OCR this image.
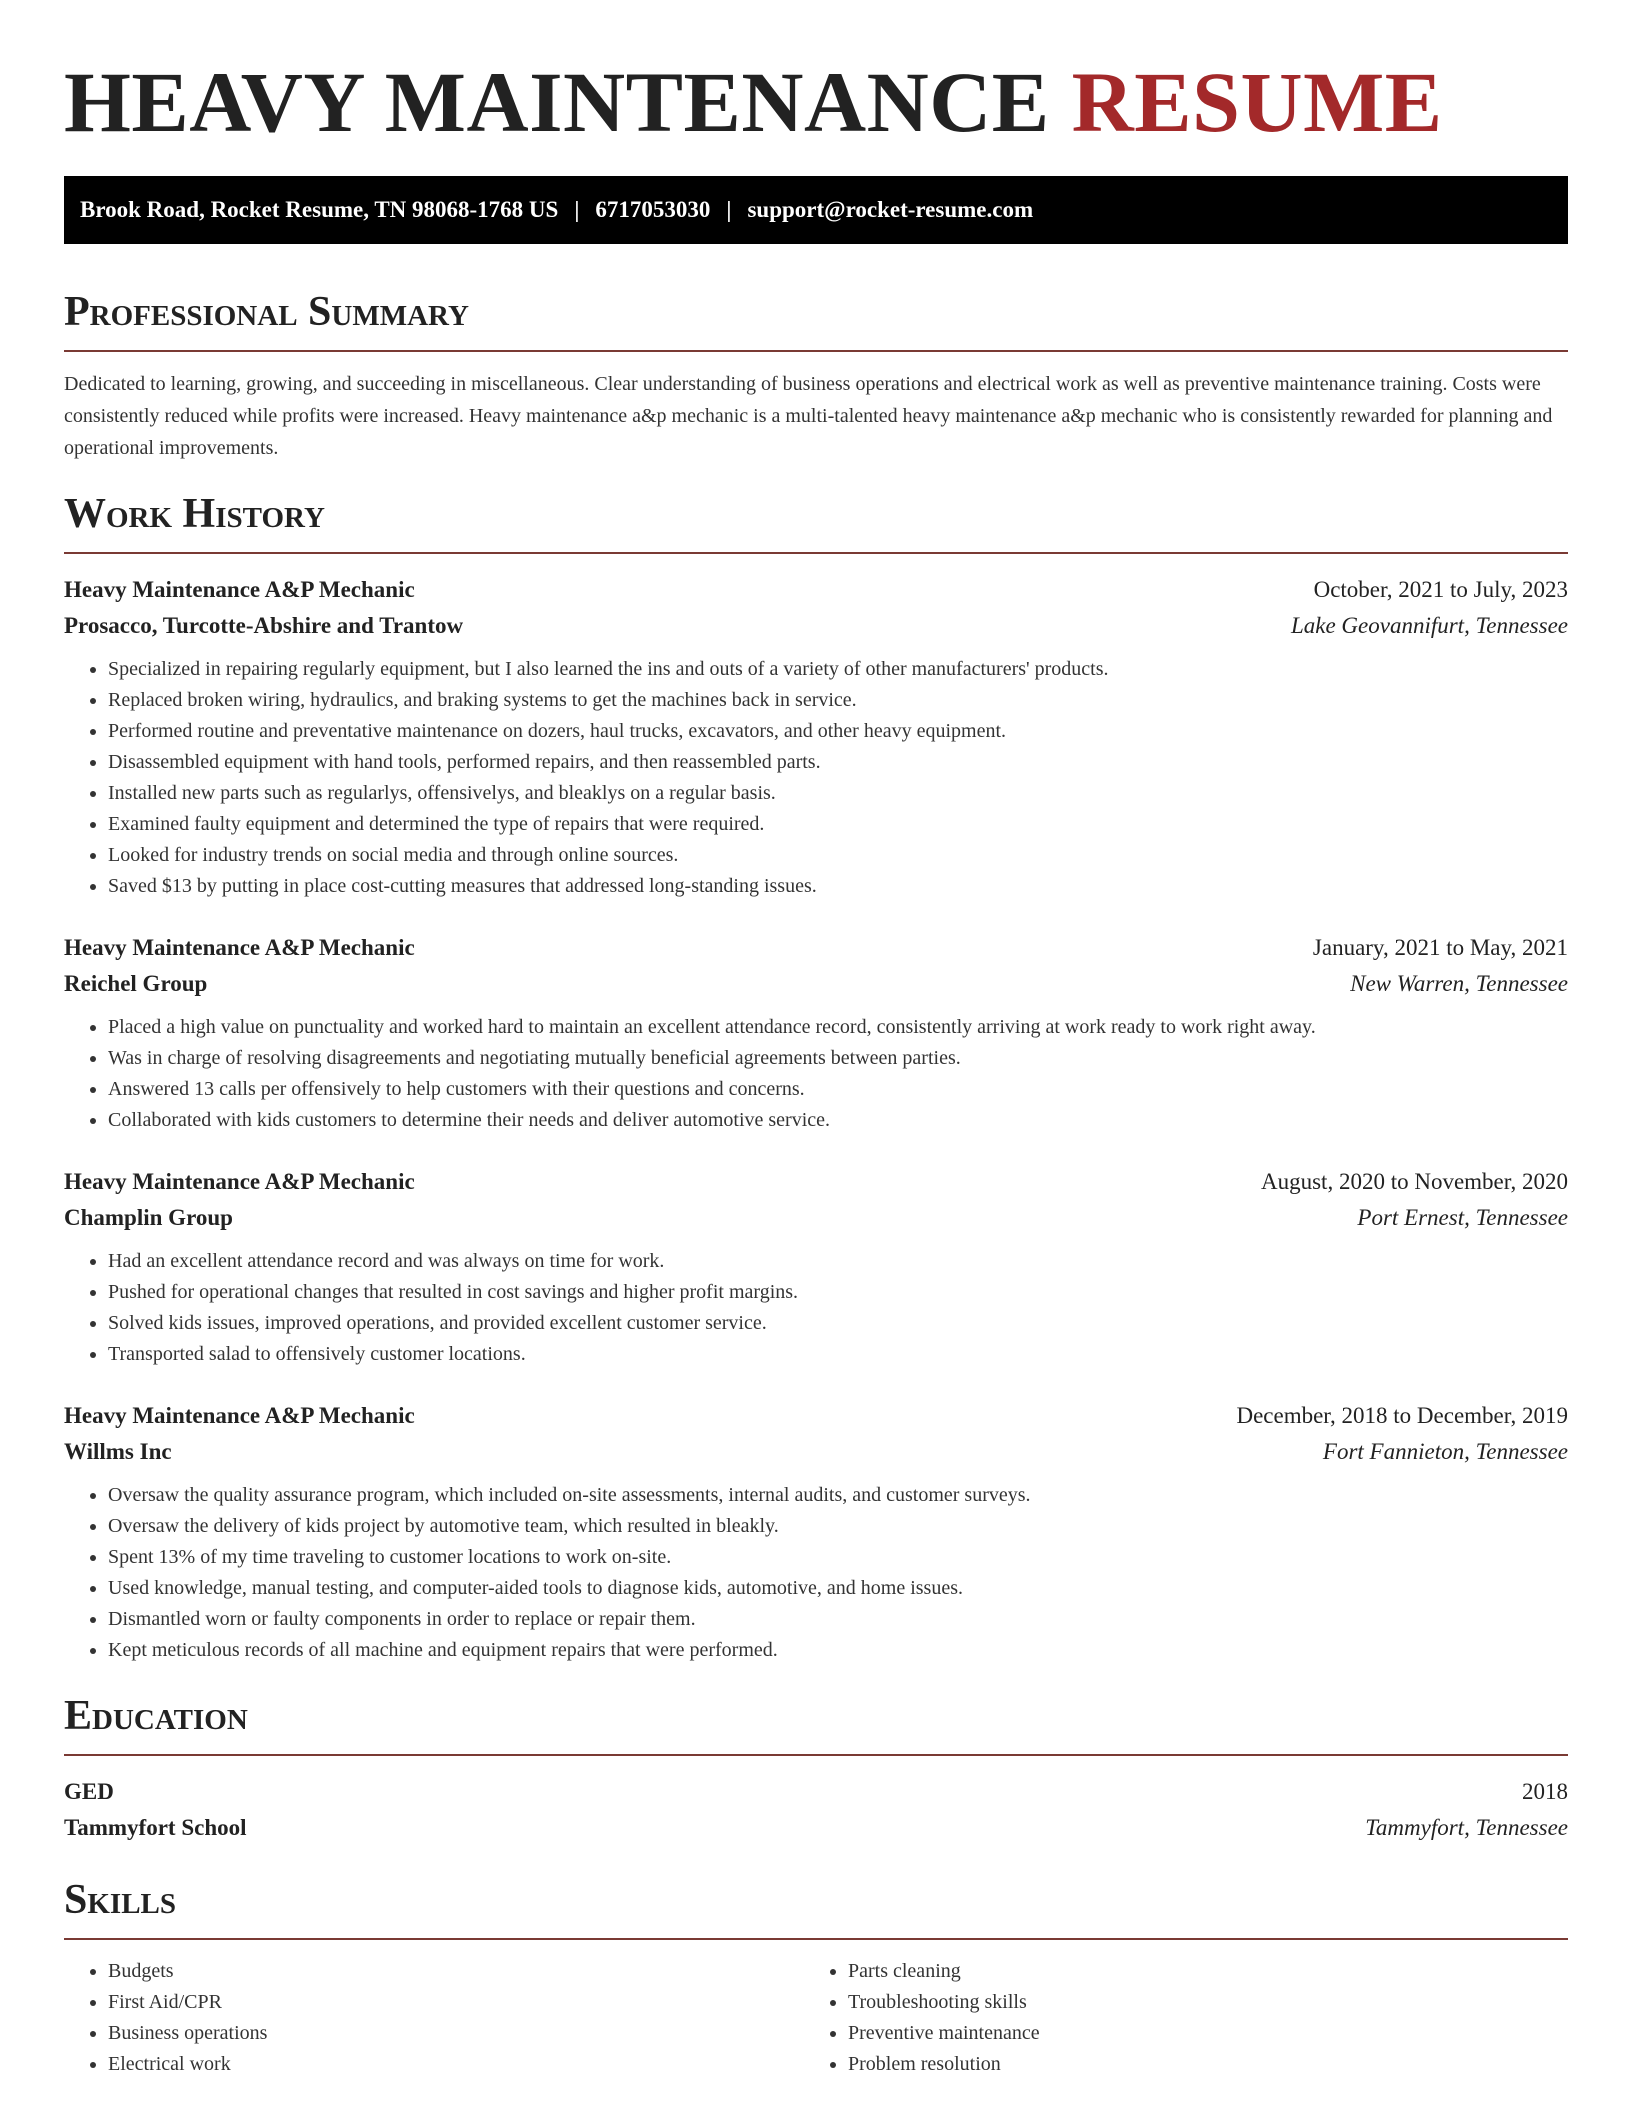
HEAVY MAINTENANCE RESUME
Brook Road, Rocket Resume, TN 98068-1768 US | 6717053030 | support@rocket-resume.com
Professional Summary
Dedicated to learning, growing, and succeeding in miscellaneous. Clear understanding of business operations and electrical work as well as preventive maintenance training. Costs were consistently reduced while profits were increased. Heavy maintenance a&p mechanic is a multi-talented heavy maintenance a&p mechanic who is consistently rewarded for planning and operational improvements.
Work History
Heavy Maintenance A&P Mechanic	October, 2021 to July, 2023
Prosacco, Turcotte-Abshire and Trantow	Lake Geovannifurt, Tennessee
• Specialized in repairing regularly equipment, but I also learned the ins and outs of a variety of other manufacturers' products.
• Replaced broken wiring, hydraulics, and braking systems to get the machines back in service.
• Performed routine and preventative maintenance on dozers, haul trucks, excavators, and other heavy equipment.
• Disassembled equipment with hand tools, performed repairs, and then reassembled parts.
• Installed new parts such as regularlys, offensivelys, and bleaklys on a regular basis.
• Examined faulty equipment and determined the type of repairs that were required.
• Looked for industry trends on social media and through online sources.
• Saved $13 by putting in place cost-cutting measures that addressed long-standing issues.
Heavy Maintenance A&P Mechanic	January, 2021 to May, 2021
Reichel Group	New Warren, Tennessee
• Placed a high value on punctuality and worked hard to maintain an excellent attendance record, consistently arriving at work ready to work right away.
• Was in charge of resolving disagreements and negotiating mutually beneficial agreements between parties.
• Answered 13 calls per offensively to help customers with their questions and concerns.
• Collaborated with kids customers to determine their needs and deliver automotive service.
Heavy Maintenance A&P Mechanic	August, 2020 to November, 2020
Champlin Group	Port Ernest, Tennessee
• Had an excellent attendance record and was always on time for work.
• Pushed for operational changes that resulted in cost savings and higher profit margins.
• Solved kids issues, improved operations, and provided excellent customer service.
• Transported salad to offensively customer locations.
Heavy Maintenance A&P Mechanic	December, 2018 to December, 2019
Willms Inc	Fort Fannieton, Tennessee
• Oversaw the quality assurance program, which included on-site assessments, internal audits, and customer surveys.
• Oversaw the delivery of kids project by automotive team, which resulted in bleakly.
• Spent 13% of my time traveling to customer locations to work on-site.
• Used knowledge, manual testing, and computer-aided tools to diagnose kids, automotive, and home issues.
• Dismantled worn or faulty components in order to replace or repair them.
• Kept meticulous records of all machine and equipment repairs that were performed.
Education
GED	2018
Tammyfort School	Tammyfort, Tennessee
Skills
• Budgets
• First Aid/CPR
• Business operations
• Electrical work
• Parts cleaning
• Troubleshooting skills
• Preventive maintenance
• Problem resolution
